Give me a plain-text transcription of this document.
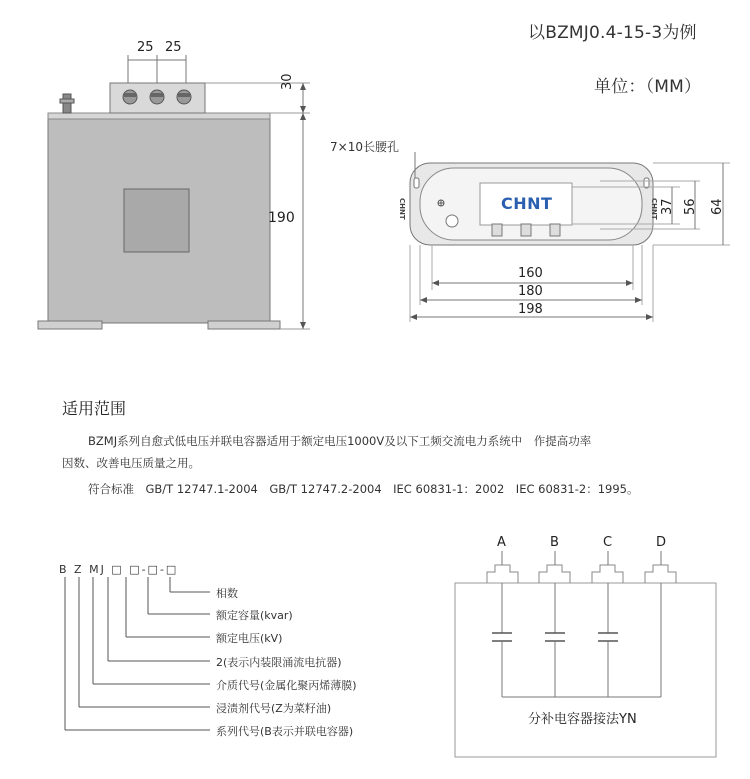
以BZMJ0.4-15-3为例
单位：（MM）
25 25
30
190
7×10长腰孔
CHNT
CHNT	CHNT 37 56 64
160
180
198
适用范围
BZMJ系列自愈式低电压并联电容器适用于额定电压1000V及以下工频交流电力系统中　作提高功率
因数、改善电压质量之用。
符合标准　GB/T 12747.1-2004　GB/T 12747.2-2004　IEC 60831-1：2002　IEC 60831-2：1995。
B Z MJ □ □-□-□
相数
额定容量(kvar)
额定电压(kV)
2(表示内装限涌流电抗器)
介质代号(金属化聚丙烯薄膜)
浸渍剂代号(Z为菜籽油)
系列代号(B表示并联电容器)
A	B	C	D
分补电容器接法YN
